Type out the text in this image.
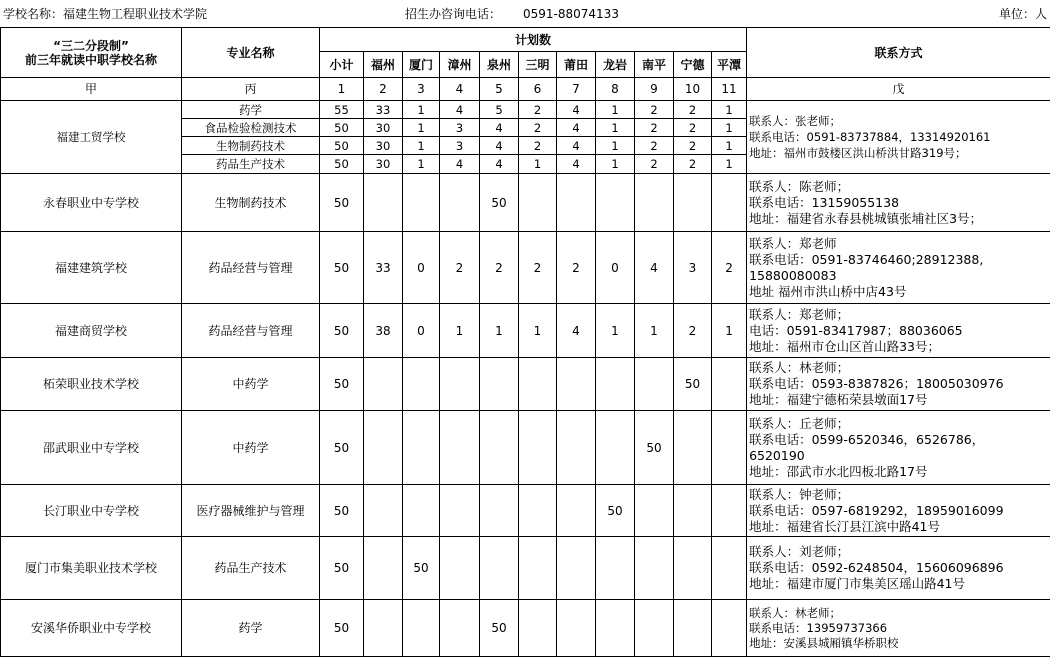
学校名称：福建生物工程职业技术学院	招生办咨询电话： 0591-88074133	单位：人
“三二分段制”
前三年就读中职学校名称	专业名称	计划数											联系方式
		小计	福州	厦门	漳州	泉州	三明	莆田	龙岩	南平	宁德	平潭	
甲	丙	1	2	3	4	5	6	7	8	9	10	11	戊
福建工贸学校	药学	55	33	1	4	5	2	4	1	2	2	1	联系人：张老师；
联系电话：0591-83737884，13314920161
地址：福州市鼓楼区洪山桥洪甘路319号；

	食品检验检测技术	50	30	1	3	4	2	4	1	2	2	1	
	生物制药技术	50	30	1	3	4	2	4	1	2	2	1	
	药品生产技术	50	30	1	4	4	1	4	1	2	2	1	
永春职业中专学校	生物制药技术	50				50							联系人：陈老师；
联系电话：13159055138
地址：福建省永春县桃城镇张埔社区3号；

福建建筑学校	药品经营与管理	50	33	0	2	2	2	2	0	4	3	2	联系人：郑老师
联系电话：0591-83746460;28912388,
15880080083
地址 福州市洪山桥中店43号

福建商贸学校	药品经营与管理	50	38	0	1	1	1	4	1	1	2	1	联系人：郑老师；
电话：0591-83417987；88036065
地址：福州市仓山区首山路33号；

柘荣职业技术学校	中药学	50									50		联系人：林老师；
联系电话：0593-8387826；18005030976
地址：福建宁德柘荣县墩面17号

邵武职业中专学校	中药学	50								50			联系人：丘老师；
联系电话：0599-6520346，6526786，
6520190
地址：邵武市水北四板北路17号

长汀职业中专学校	医疗器械维护与管理	50							50				联系人：钟老师；
联系电话：0597-6819292，18959016099
地址：福建省长汀县江滨中路41号

厦门市集美职业技术学校	药品生产技术	50		50									联系人：刘老师；
联系电话：0592-6248504，15606096896
地址：福建市厦门市集美区瑶山路41号

安溪华侨职业中专学校	药学	50				50							联系人：林老师；
联系电话：13959737366
地址：安溪县城厢镇华桥职校
